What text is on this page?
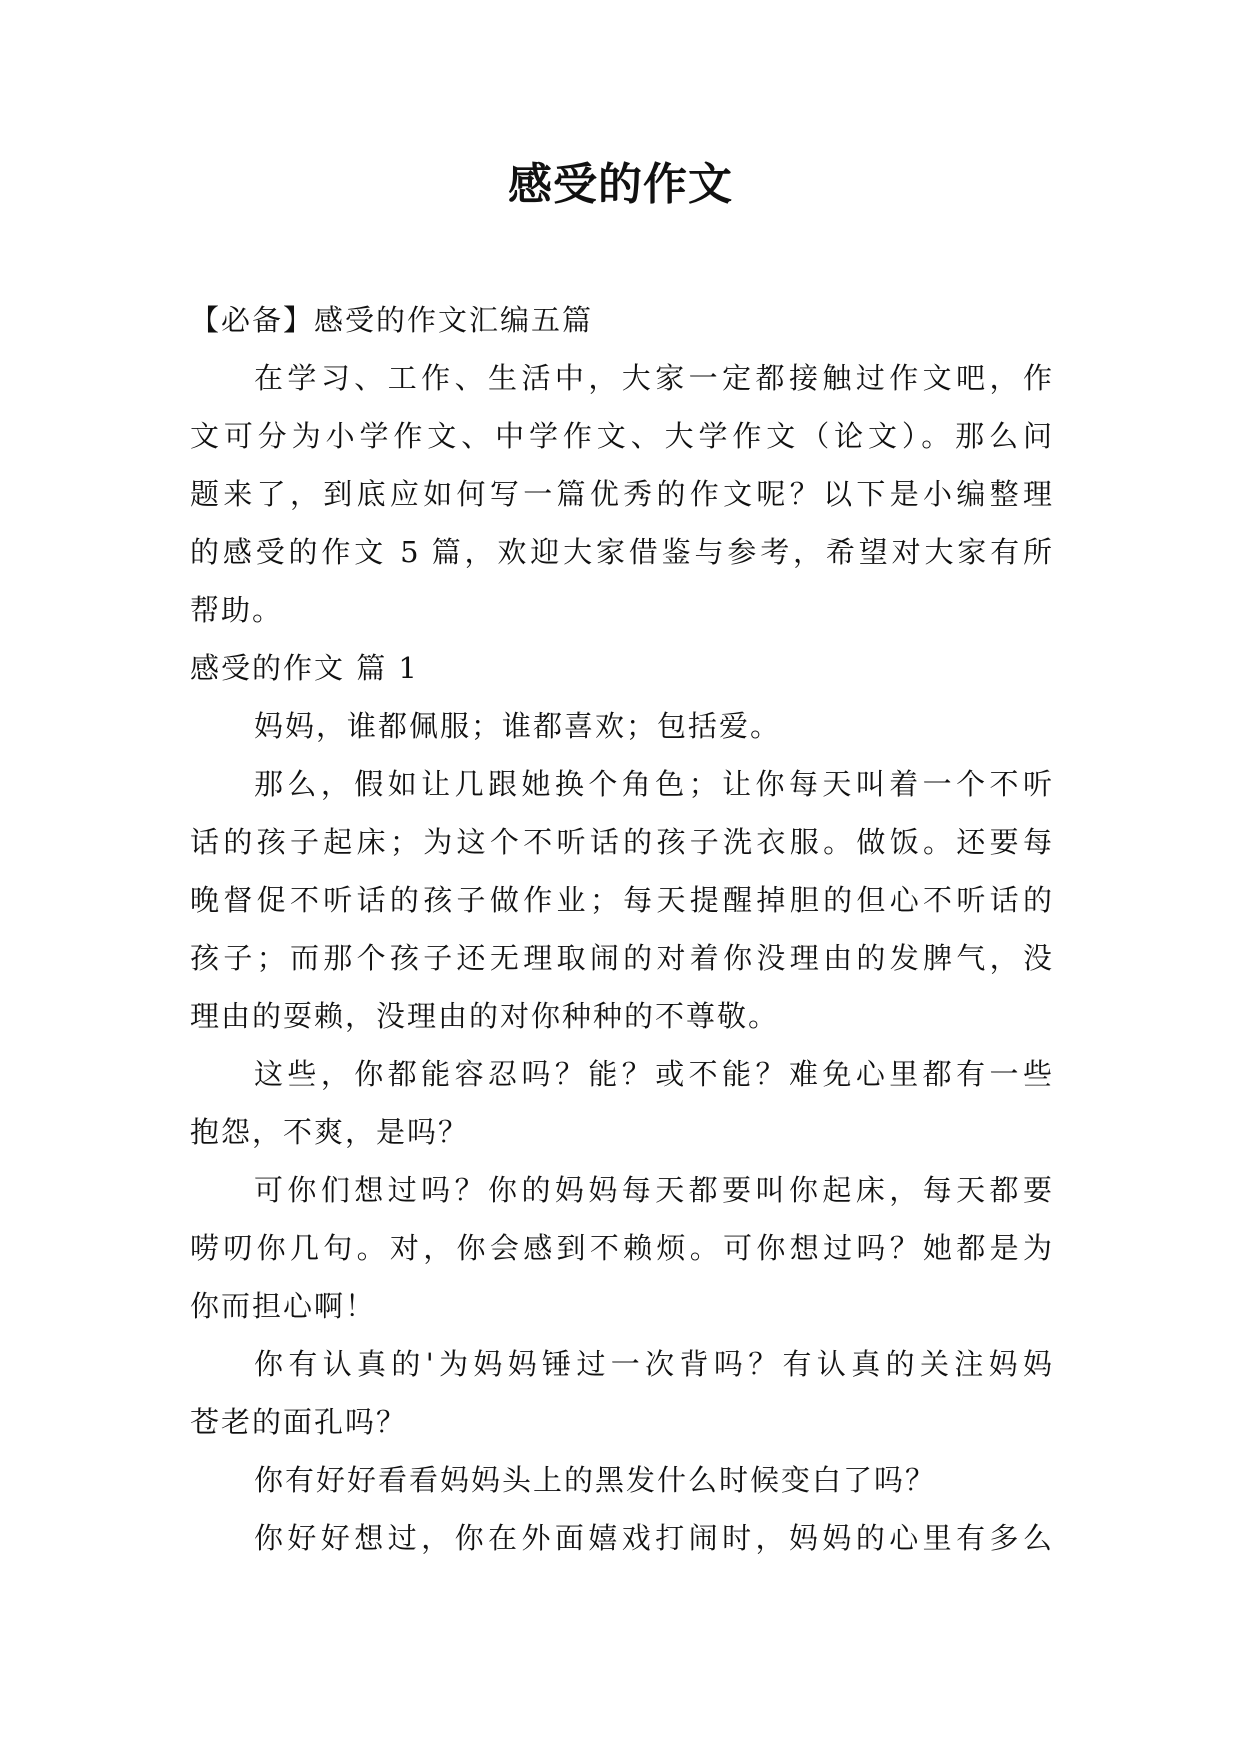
感受的作文
【必备】感受的作文汇编五篇
在学习、工作、生活中，大家一定都接触过作文吧，作
文可分为小学作文、中学作文、大学作文（论文）。那么问
题来了，到底应如何写一篇优秀的作文呢？以下是小编整理
的感受的作文 5 篇，欢迎大家借鉴与参考，希望对大家有所
帮助。
感受的作文 篇 1
妈妈，谁都佩服；谁都喜欢；包括爱。
那么，假如让几跟她换个角色；让你每天叫着一个不听
话的孩子起床；为这个不听话的孩子洗衣服。做饭。还要每
晚督促不听话的孩子做作业；每天提醒掉胆的但心不听话的
孩子；而那个孩子还无理取闹的对着你没理由的发脾气，没
理由的耍赖，没理由的对你种种的不尊敬。
这些，你都能容忍吗？能？或不能？难免心里都有一些
抱怨，不爽，是吗？
可你们想过吗？你的妈妈每天都要叫你起床，每天都要
唠叨你几句。对，你会感到不赖烦。可你想过吗？她都是为
你而担心啊！
你有认真的'为妈妈锤过一次背吗？有认真的关注妈妈
苍老的面孔吗？
你有好好看看妈妈头上的黑发什么时候变白了吗？
你好好想过，你在外面嬉戏打闹时，妈妈的心里有多么
